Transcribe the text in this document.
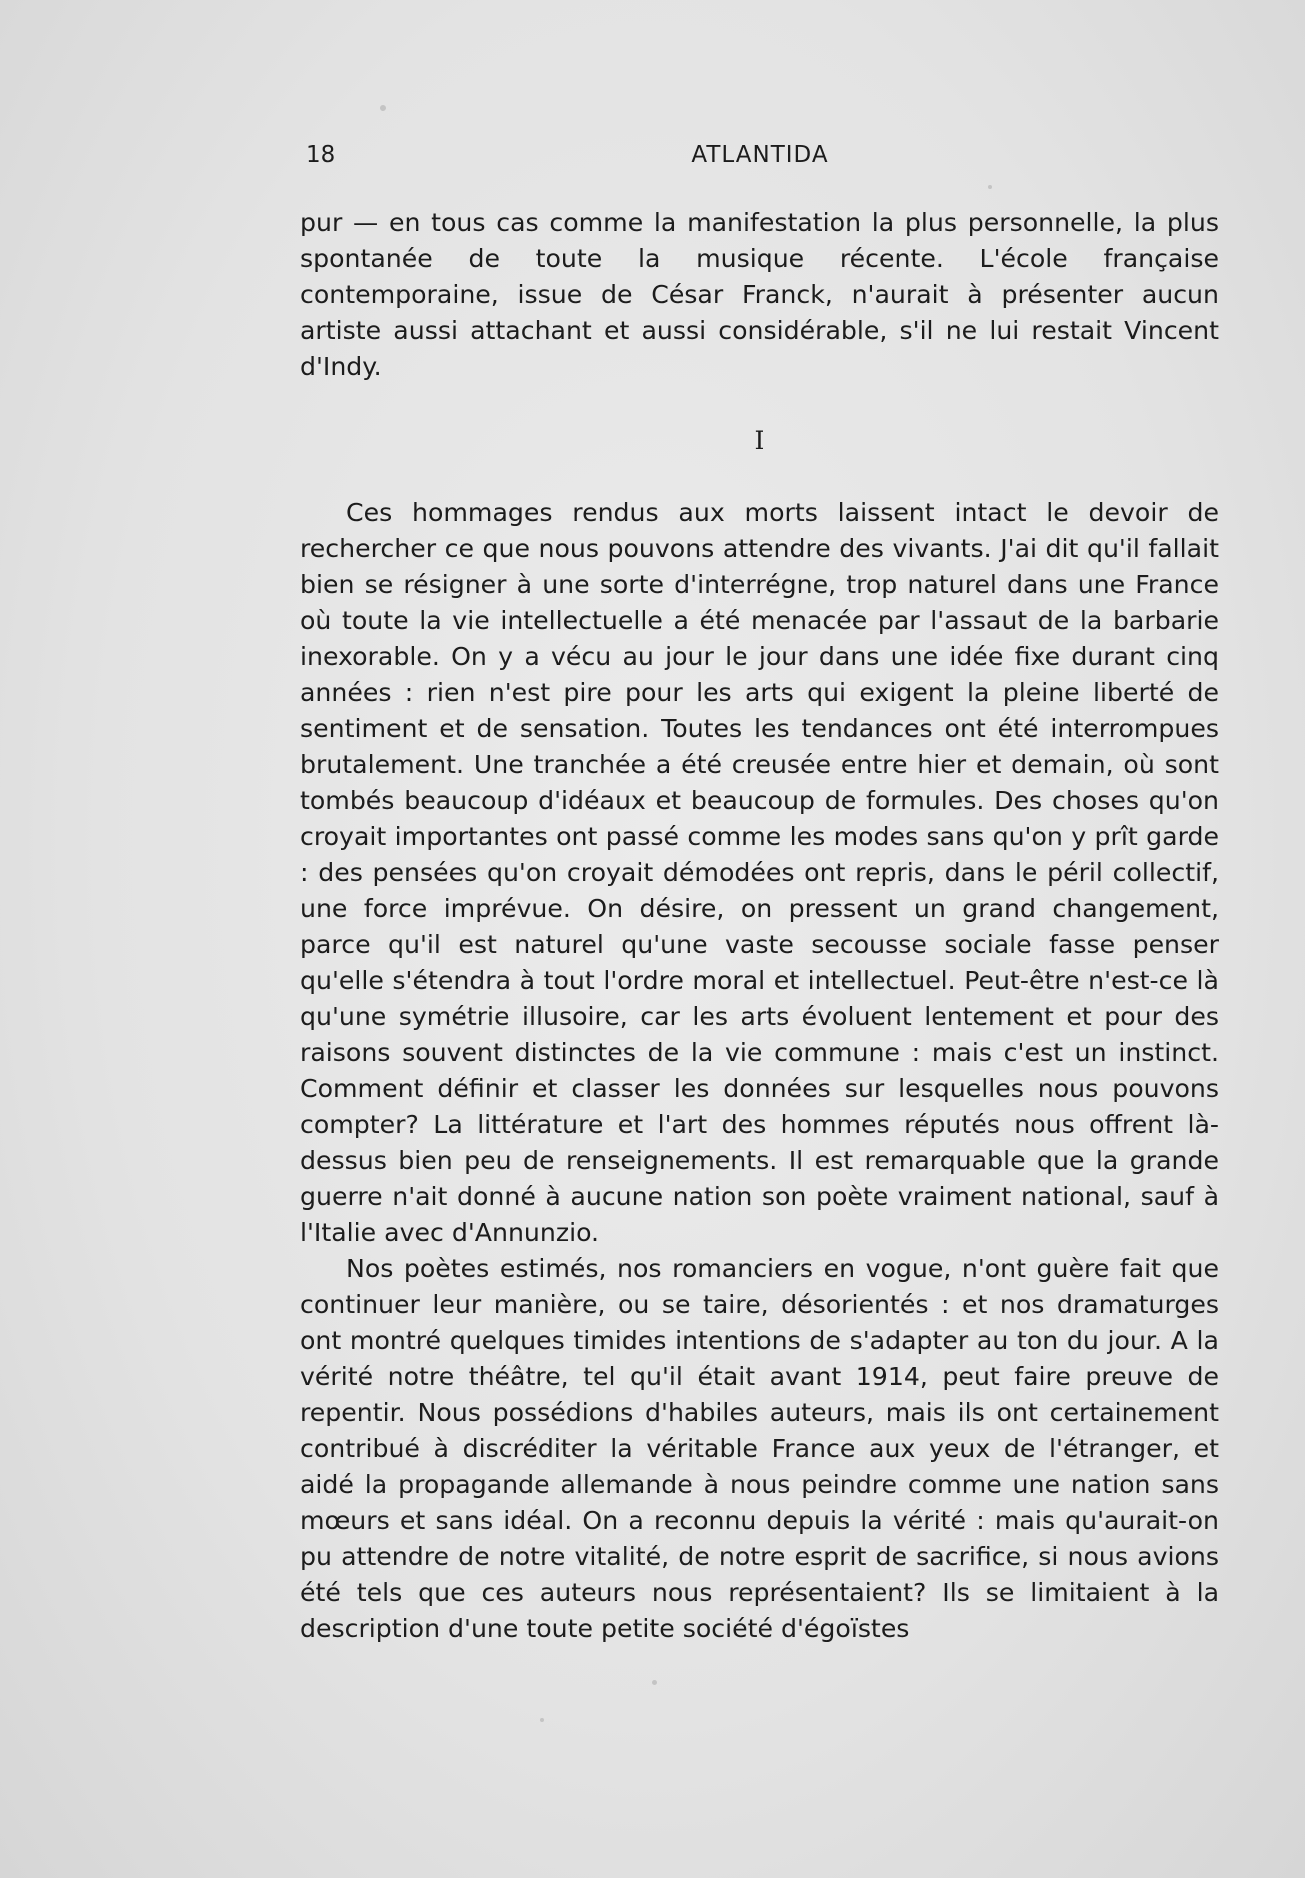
18	ATLANTIDA

pur — en tous cas comme la manifestation la plus personnelle, la plus spontanée de toute la musique récente. L'école française contemporaine, issue de César Franck, n'aurait à présenter aucun artiste aussi attachant et aussi considérable, s'il ne lui restait Vincent d'Indy.

I

Ces hommages rendus aux morts laissent intact le devoir de rechercher ce que nous pouvons attendre des vivants. J'ai dit qu'il fallait bien se résigner à une sorte d'interrégne, trop naturel dans une France où toute la vie intellectuelle a été menacée par l'assaut de la barbarie inexorable. On y a vécu au jour le jour dans une idée fixe durant cinq années : rien n'est pire pour les arts qui exigent la pleine liberté de sentiment et de sensation. Toutes les tendances ont été interrompues brutalement. Une tranchée a été creusée entre hier et demain, où sont tombés beaucoup d'idéaux et beaucoup de formules. Des choses qu'on croyait importantes ont passé comme les modes sans qu'on y prît garde : des pensées qu'on croyait démodées ont repris, dans le péril collectif, une force imprévue. On désire, on pressent un grand changement, parce qu'il est naturel qu'une vaste secousse sociale fasse penser qu'elle s'étendra à tout l'ordre moral et intellectuel. Peut-être n'est-ce là qu'une symétrie illusoire, car les arts évoluent lentement et pour des raisons souvent distinctes de la vie commune : mais c'est un instinct. Comment définir et classer les données sur lesquelles nous pouvons compter? La littérature et l'art des hommes réputés nous offrent là-dessus bien peu de renseignements. Il est remarquable que la grande guerre n'ait donné à aucune nation son poète vraiment national, sauf à l'Italie avec d'Annunzio.

Nos poètes estimés, nos romanciers en vogue, n'ont guère fait que continuer leur manière, ou se taire, désorientés : et nos dramaturges ont montré quelques timides intentions de s'adapter au ton du jour. A la vérité notre théâtre, tel qu'il était avant 1914, peut faire preuve de repentir. Nous possédions d'habiles auteurs, mais ils ont certainement contribué à discréditer la véritable France aux yeux de l'étranger, et aidé la propagande allemande à nous peindre comme une nation sans mœurs et sans idéal. On a reconnu depuis la vérité : mais qu'aurait-on pu attendre de notre vitalité, de notre esprit de sacrifice, si nous avions été tels que ces auteurs nous représentaient? Ils se limitaient à la description d'une toute petite société d'égoïstes
